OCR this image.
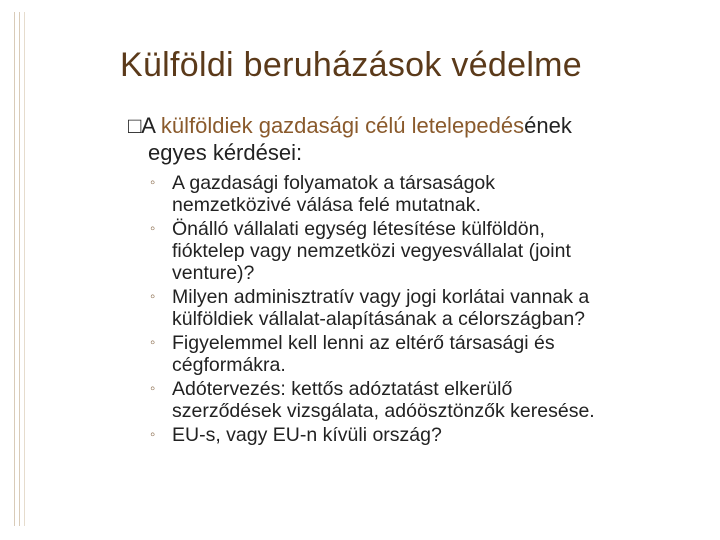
Külföldi beruházások védelme
□A külföldiek gazdasági célú letelepedésének
egyes kérdései:
◦ A gazdasági folyamatok a társaságok
nemzetközivé válása felé mutatnak.
◦ Önálló vállalati egység létesítése külföldön,
fióktelep vagy nemzetközi vegyesvállalat (joint
venture)?
◦ Milyen adminisztratív vagy jogi korlátai vannak a
külföldiek vállalat-alapításának a célországban?
◦ Figyelemmel kell lenni az eltérő társasági és
cégformákra.
◦ Adótervezés: kettős adóztatást elkerülő
szerződések vizsgálata, adóösztönzők keresése.
◦ EU-s, vagy EU-n kívüli ország?
